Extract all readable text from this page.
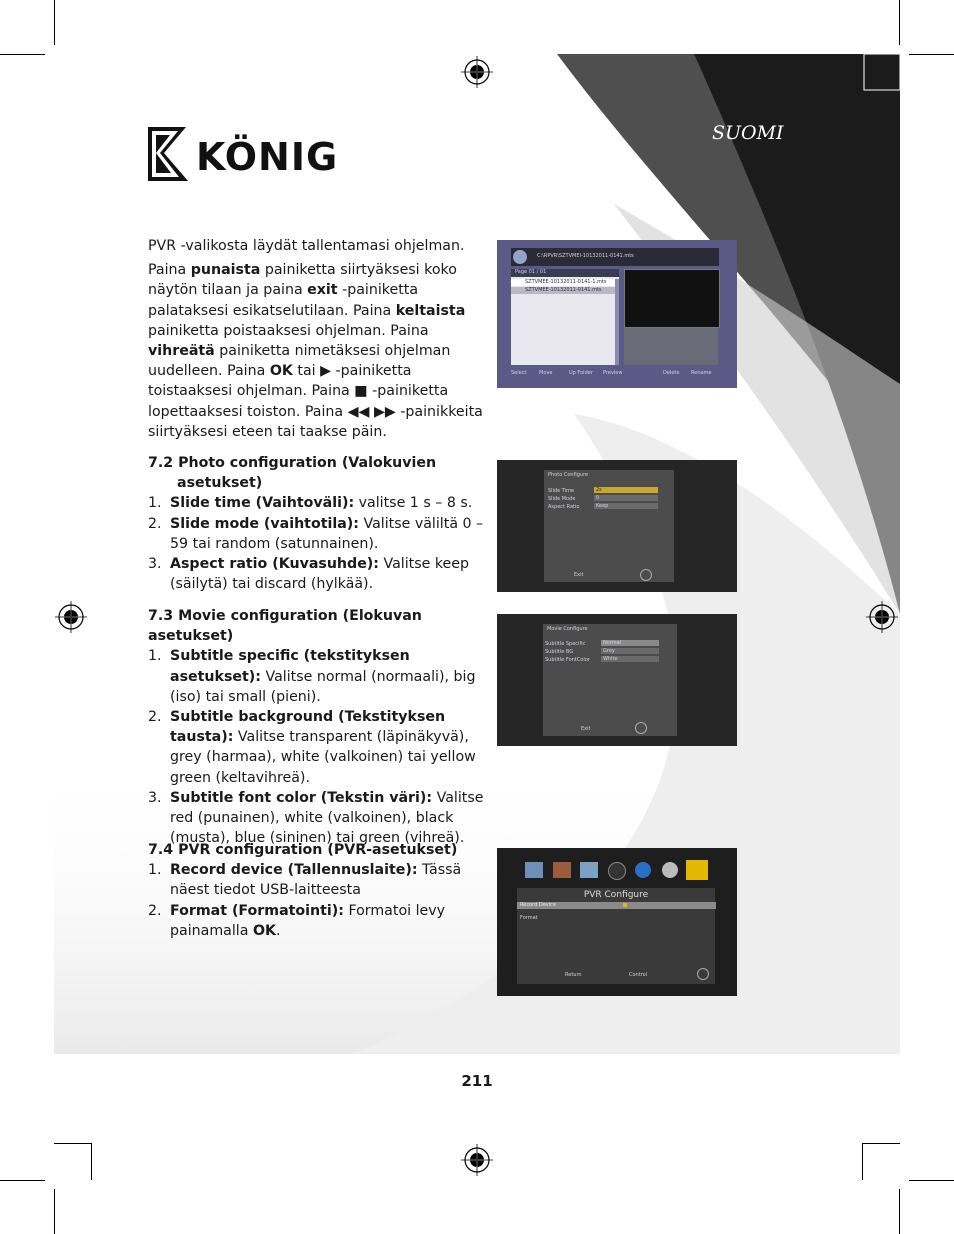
KÖNIG
SUOMI

PVR -valikosta läydät tallentamasi ohjelman.

Paina punaista painiketta siirtyäksesi koko näytön tilaan ja paina exit -painiketta palataksesi esikatselutilaan. Paina keltaista painiketta poistaaksesi ohjelman. Paina vihreätä painiketta nimetäksesi ohjelman uudelleen. Paina OK tai ▶ -painiketta toistaaksesi ohjelman. Paina ■ -painiketta lopettaaksesi toiston. Paina ◀◀ ▶▶ -painikkeita siirtyäksesi eteen tai taakse päin.

7.2 Photo configuration (Valokuvien
asetukset)
1. Slide time (Vaihtoväli): valitse 1 s – 8 s.
2. Slide mode (vaihtotila): Valitse väliltä 0 – 59 tai random (satunnainen).
3. Aspect ratio (Kuvasuhde): Valitse keep (säilytä) tai discard (hylkää).
7.3 Movie configuration (Elokuvan asetukset)
1. Subtitle specific (tekstityksen asetukset): Valitse normal (normaali), big (iso) tai small (pieni).
2. Subtitle background (Tekstityksen tausta): Valitse transparent (läpinäkyvä), grey (harmaa), white (valkoinen) tai yellow green (keltavihreä).
3. Subtitle font color (Tekstin väri): Valitse red (punainen), white (valkoinen), black (musta), blue (sininen) tai green (vihreä).
7.4 PVR configuration (PVR-asetukset)
1. Record device (Tallennuslaite): Tässä näest tiedot USB-laitteesta
2. Format (Formatointi): Formatoi levy painamalla OK.
C:\RPVR\SZTVMEI-10132011-0141.mts
Page 01 / 01
SZTVMEE-10132011-0141-1.mts
SZTVMEE-10132011-0141.mts
Select	Move	Up Folder Preview	Delete Rename
Photo Configure
Slide Time	2s
Slide Mode	0
Aspect Ratio	Keep
Exit
Movie Configure
Subtitle Specific	Normal
Subtitle BG	Grey
Subtitle FontColor	White
Exit
PVR Configure
Record Device
Format
Return	Control
211
